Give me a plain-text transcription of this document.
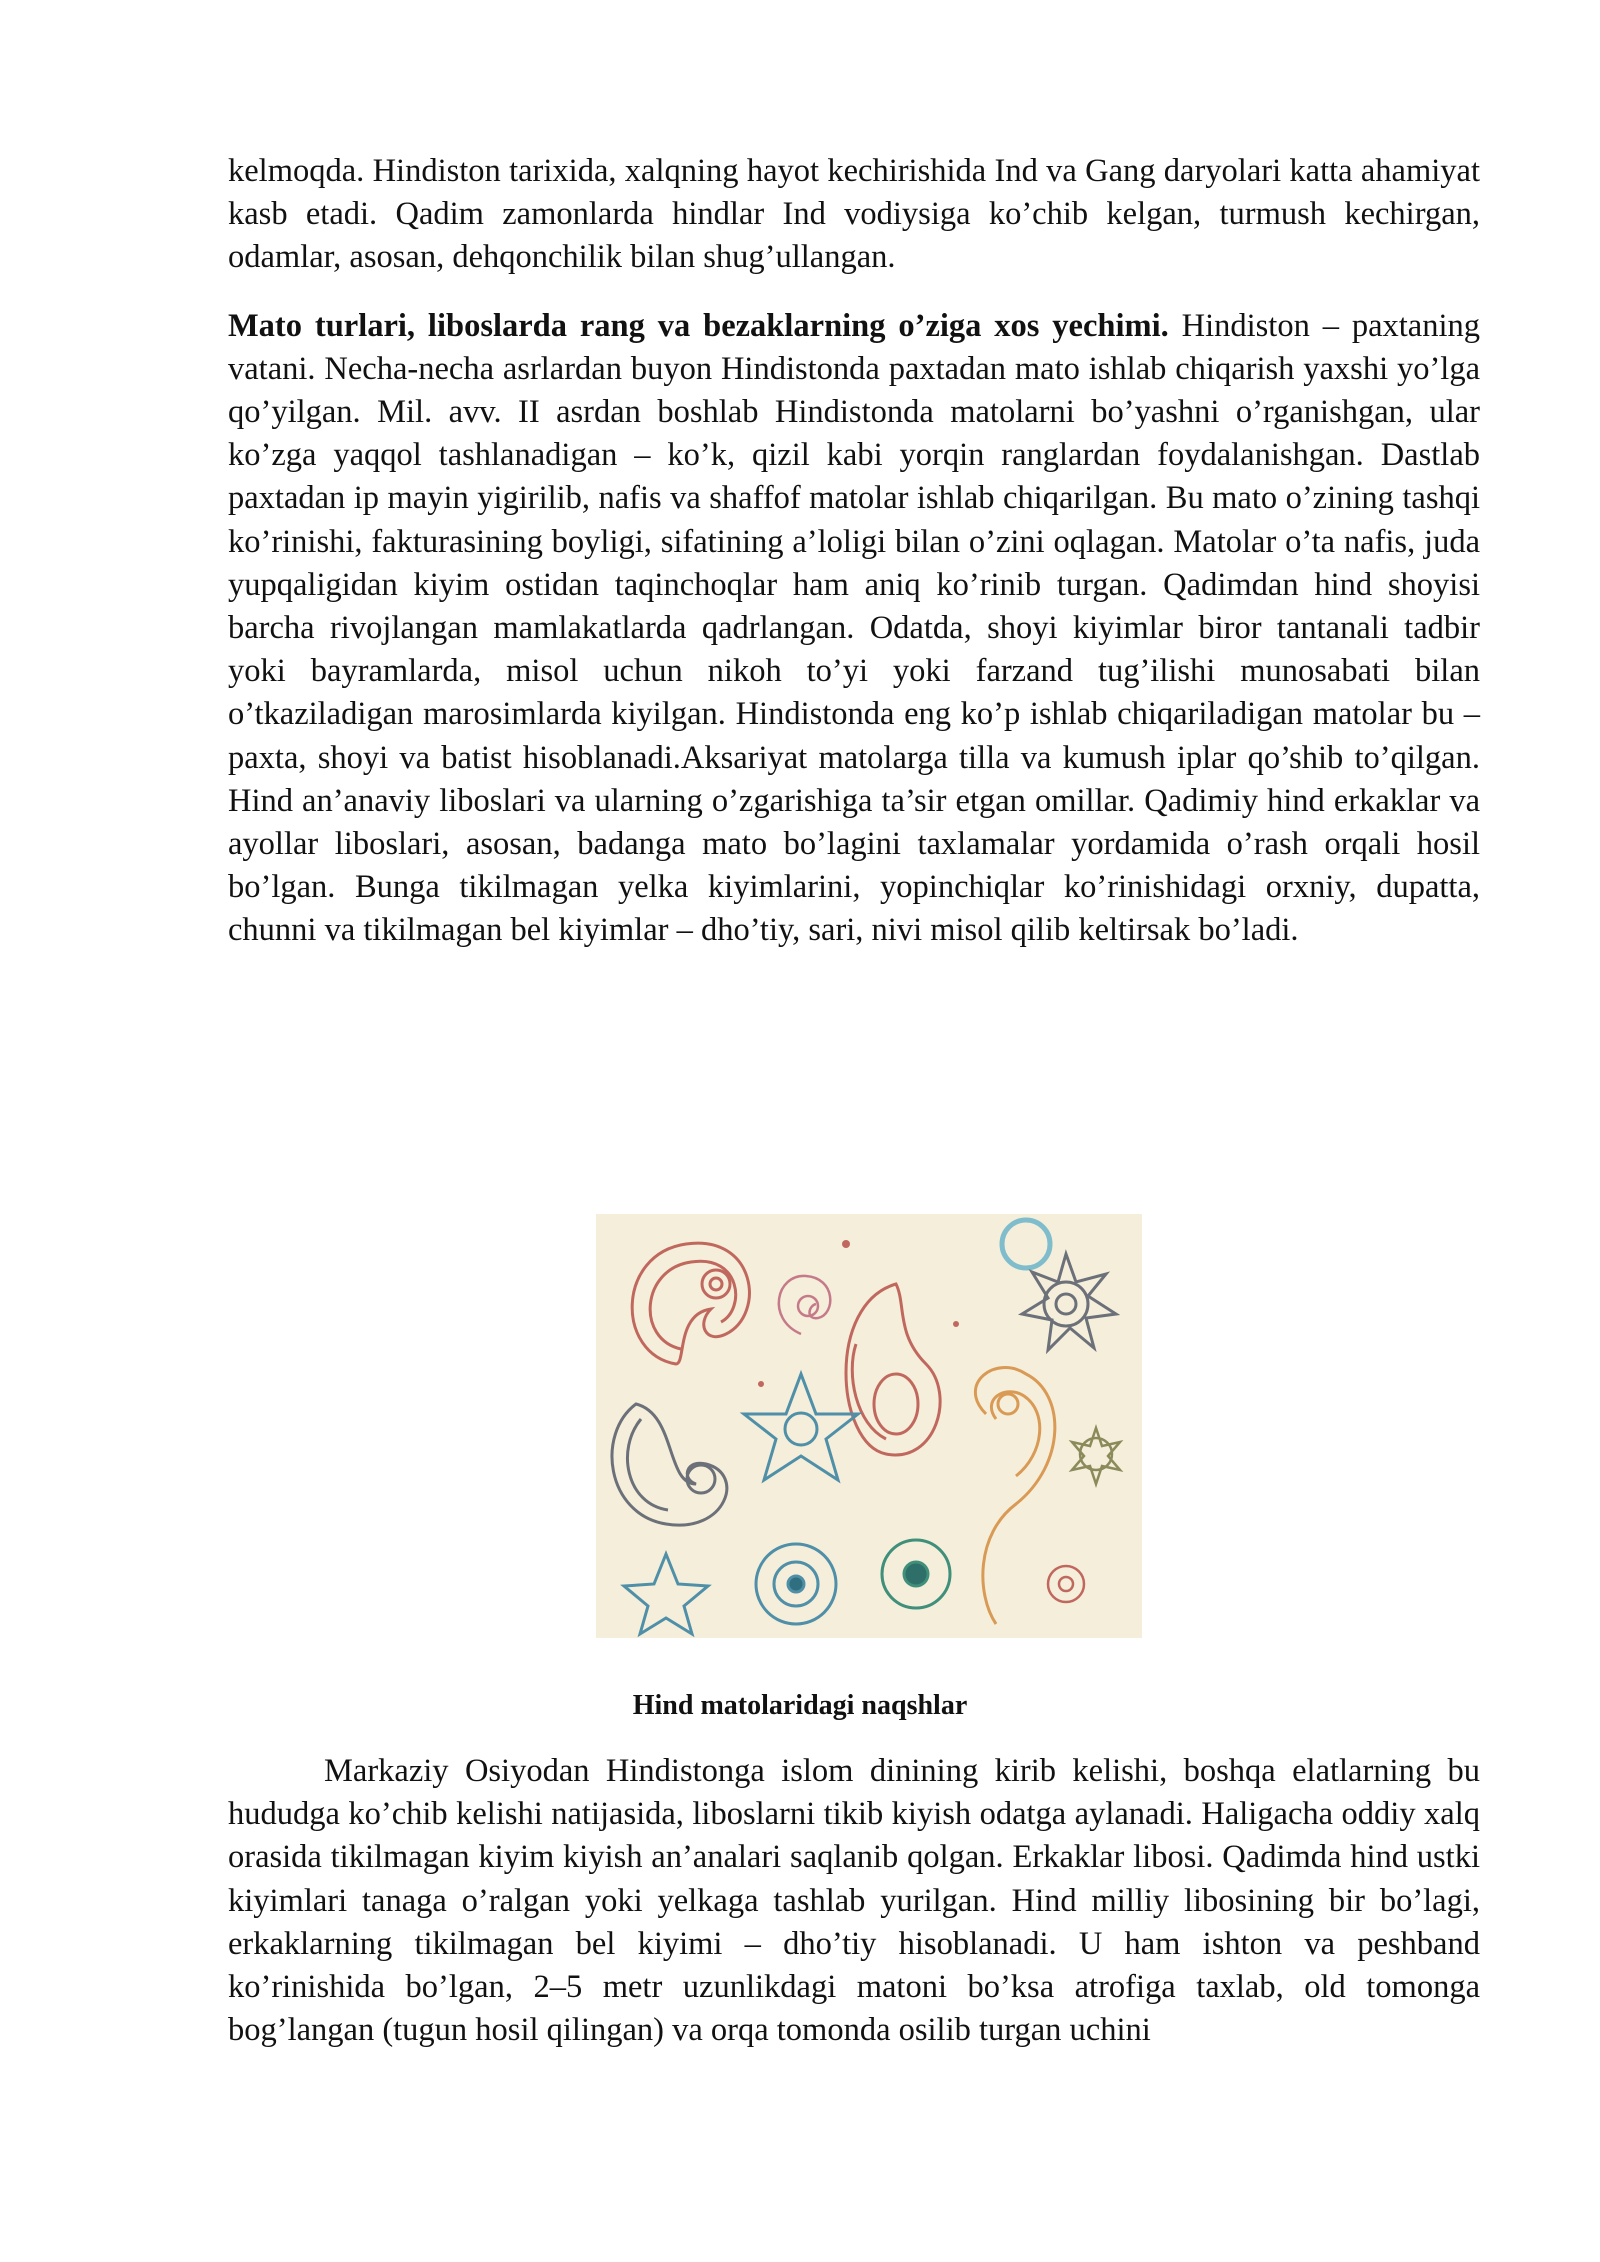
kelmoqda. Hindiston tarixida, xalqning hayot kechirishida Ind va Gang daryolari katta ahamiyat kasb etadi. Qadim zamonlarda hindlar Ind vodiysiga ko’chib kelgan, turmush kechirgan, odamlar, asosan, dehqonchilik bilan shug’ullangan.

Mato turlari, liboslarda rang va bezaklarning o’ziga xos yechimi. Hindiston – paxtaning vatani. Necha-necha asrlardan buyon Hindistonda paxtadan mato ishlab chiqarish yaxshi yo’lga qo’yilgan. Mil. avv. II asrdan boshlab Hindistonda matolarni bo’yashni o’rganishgan, ular ko’zga yaqqol tashlanadigan – ko’k, qizil kabi yorqin ranglardan foydalanishgan. Dastlab paxtadan ip mayin yigirilib, nafis va shaffof matolar ishlab chiqarilgan. Bu mato o’zining tashqi ko’rinishi, fakturasining boyligi, sifatining a’loligi bilan o’zini oqlagan. Matolar o’ta nafis, juda yupqaligidan kiyim ostidan taqinchoqlar ham aniq ko’rinib turgan. Qadimdan hind shoyisi barcha rivojlangan mamlakatlarda qadrlangan. Odatda, shoyi kiyimlar biror tantanali tadbir yoki bayramlarda, misol uchun nikoh to’yi yoki farzand tug’ilishi munosabati bilan o’tkaziladigan marosimlarda kiyilgan. Hindistonda eng ko’p ishlab chiqariladigan matolar bu – paxta, shoyi va batist hisoblanadi.Aksariyat matolarga tilla va kumush iplar qo’shib to’qilgan. Hind an’anaviy liboslari va ularning o’zgarishiga ta’sir etgan omillar. Qadimiy hind erkaklar va ayollar liboslari, asosan, badanga mato bo’lagini taxlamalar yordamida o’rash orqali hosil bo’lgan. Bunga tikilmagan yelka kiyimlarini, yopinchiqlar ko’rinishidagi orxniy, dupatta, chunni va tikilmagan bel kiyimlar – dho’tiy, sari, nivi misol qilib keltirsak bo’ladi.

Hind matolaridagi naqshlar

Markaziy Osiyodan Hindistonga islom dinining kirib kelishi, boshqa elatlarning bu hududga ko’chib kelishi natijasida, liboslarni tikib kiyish odatga aylanadi. Haligacha oddiy xalq orasida tikilmagan kiyim kiyish an’analari saqlanib qolgan. Erkaklar libosi. Qadimda hind ustki kiyimlari tanaga o’ralgan yoki yelkaga tashlab yurilgan. Hind milliy libosining bir bo’lagi, erkaklarning tikilmagan bel kiyimi – dho’tiy hisoblanadi. U ham ishton va peshband ko’rinishida bo’lgan, 2–5 metr uzunlikdagi matoni bo’ksa atrofiga taxlab, old tomonga bog’langan (tugun hosil qilingan) va orqa tomonda osilib turgan uchini
